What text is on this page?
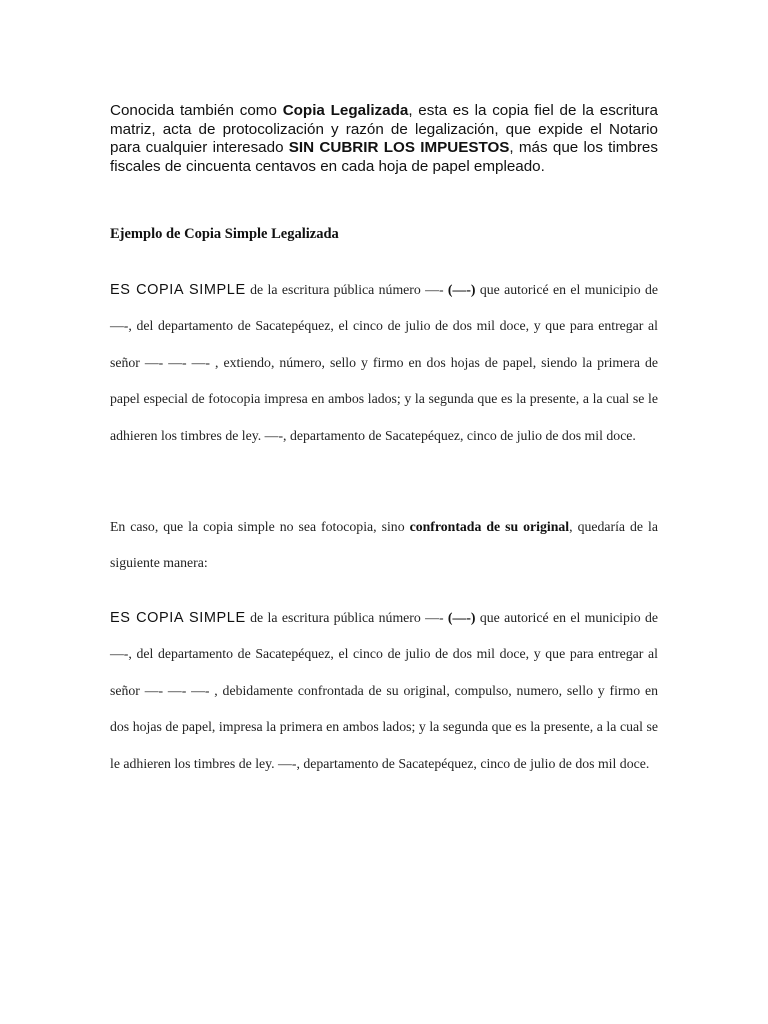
Conocida también como Copia Legalizada, esta es la copia fiel de la escritura matriz, acta de protocolización y razón de legalización, que expide el Notario para cualquier interesado SIN CUBRIR LOS IMPUESTOS, más que los timbres fiscales de cincuenta centavos en cada hoja de papel empleado.

Ejemplo de Copia Simple Legalizada

ES COPIA SIMPLE de la escritura pública número —- (—-) que autoricé en el municipio de—-, del departamento de Sacatepéquez, el cinco de julio de dos mil doce, y que para entregar al señor —- —- —- , extiendo, número, sello y firmo en dos hojas de papel, siendo la primera de papel especial de fotocopia impresa en ambos lados; y la segunda que es la presente, a la cual se le adhieren los timbres de ley. —-, departamento de Sacatepéquez, cinco de julio de dos mil doce.

En caso, que la copia simple no sea fotocopia, sino confrontada de su original, quedaría de la siguiente manera:

ES COPIA SIMPLE de la escritura pública número —- (—-) que autoricé en el municipio de —-, del departamento de Sacatepéquez, el cinco de julio de dos mil doce, y que para entregar al señor —- —- —- , debidamente confrontada de su original, compulso, numero, sello y firmo en dos hojas de papel, impresa la primera en ambos lados; y la segunda que es la presente, a la cual se le adhieren los timbres de ley. —-, departamento de Sacatepéquez, cinco de julio de dos mil doce.
